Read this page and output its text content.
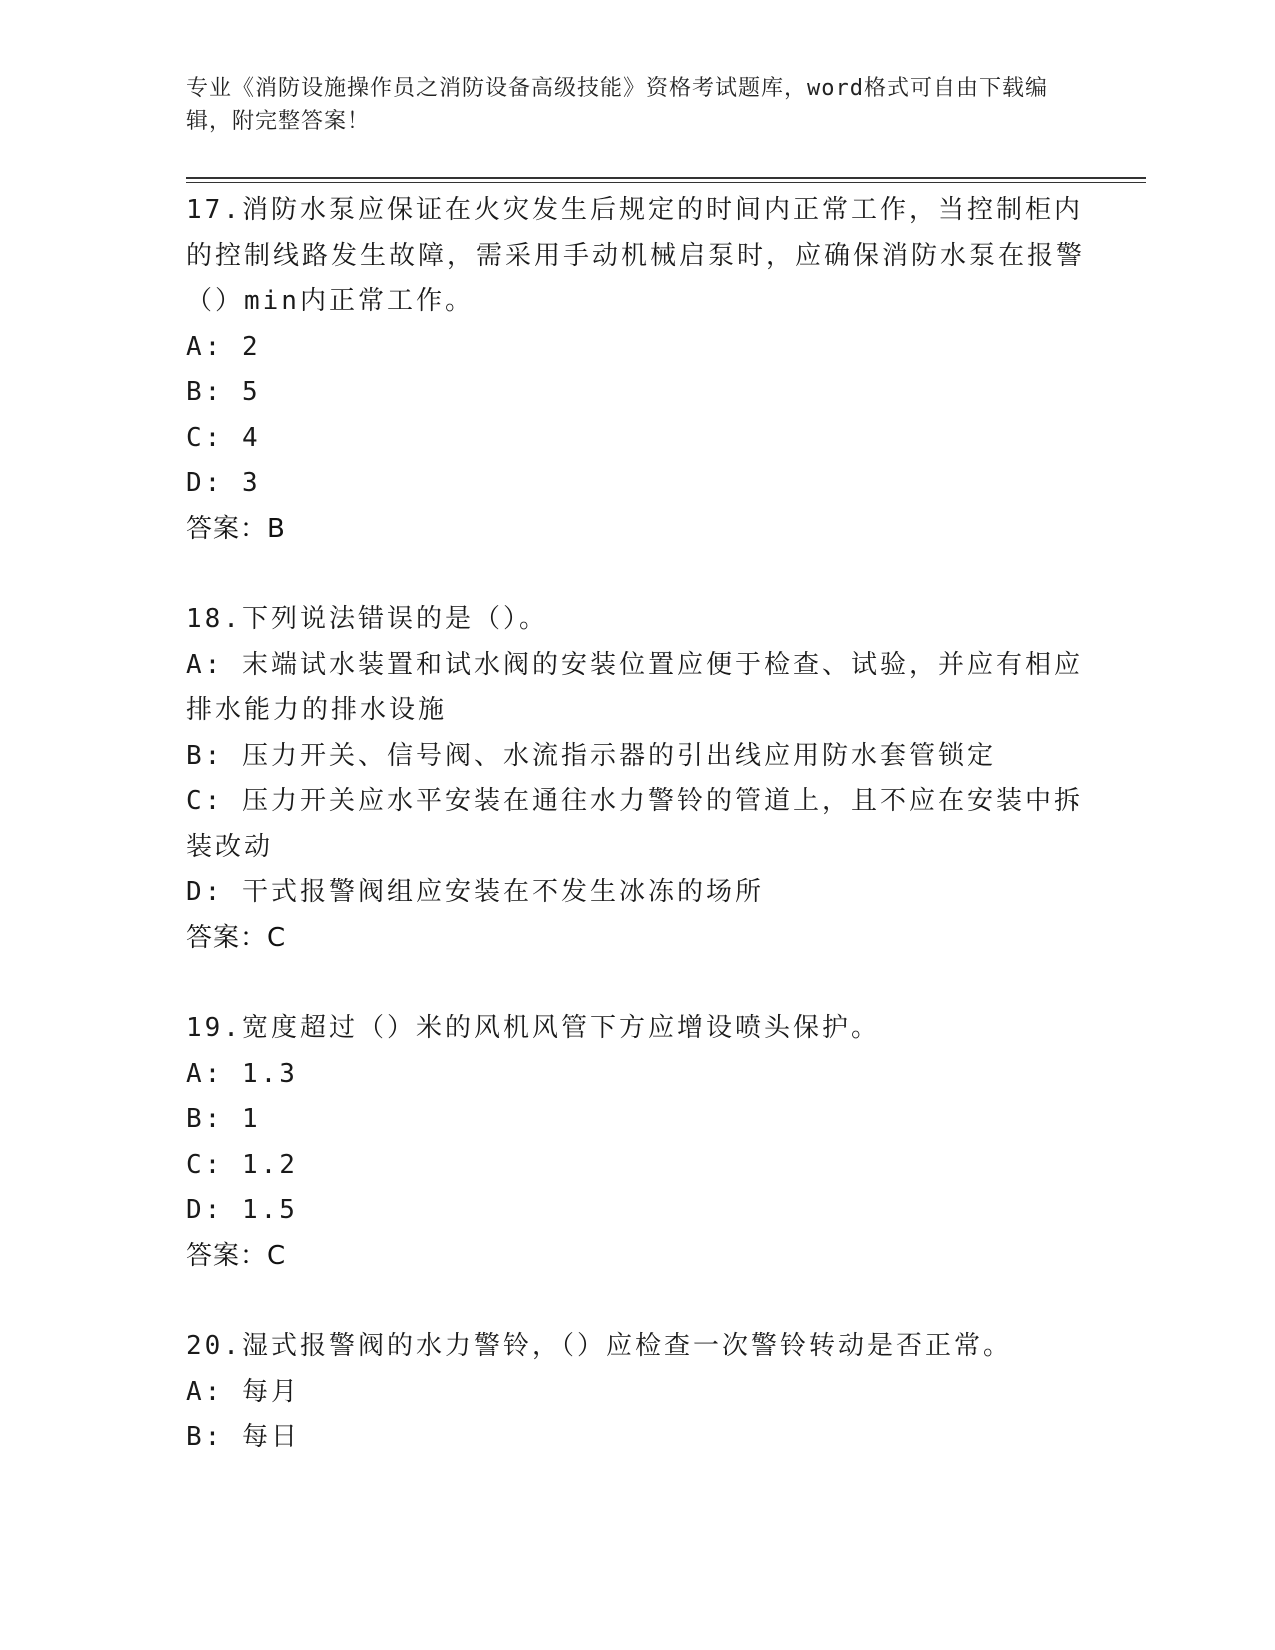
专业《消防设施操作员之消防设备高级技能》资格考试题库，word格式可自由下载编辑，附完整答案！

17.消防水泵应保证在火灾发生后规定的时间内正常工作，当控制柜内的控制线路发生故障，需采用手动机械启泵时，应确保消防水泵在报警（）min内正常工作。

A: 2

B: 5

C: 4

D: 3

答案：B

18.下列说法错误的是（）。

A: 末端试水装置和试水阀的安装位置应便于检查、试验，并应有相应排水能力的排水设施

B: 压力开关、信号阀、水流指示器的引出线应用防水套管锁定

C: 压力开关应水平安装在通往水力警铃的管道上，且不应在安装中拆装改动

D: 干式报警阀组应安装在不发生冰冻的场所

答案：C

19.宽度超过（）米的风机风管下方应增设喷头保护。

A: 1.3

B: 1

C: 1.2

D: 1.5

答案：C

20.湿式报警阀的水力警铃，（）应检查一次警铃转动是否正常。

A: 每月

B: 每日
